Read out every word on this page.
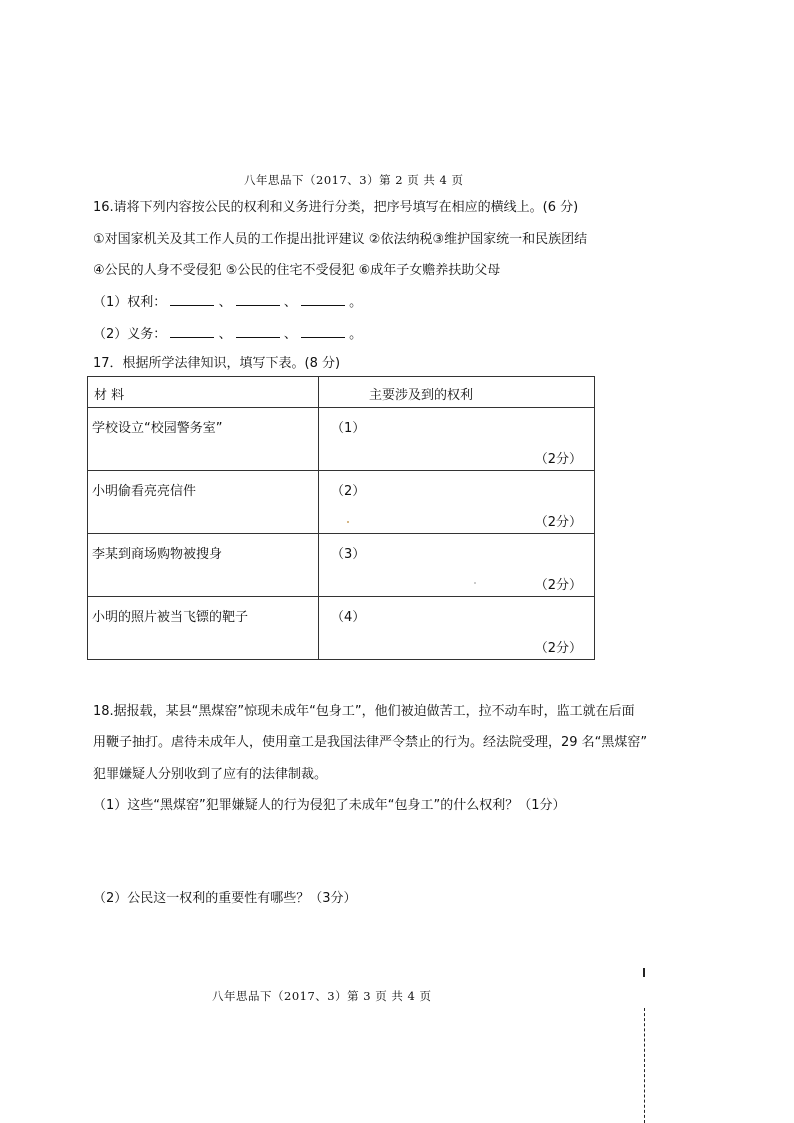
八年思品下（2017、3）第 2 页 共 4 页
16.请将下列内容按公民的权利和义务进行分类，把序号填写在相应的横线上。(6 分)
①对国家机关及其工作人员的工作提出批评建议 ②依法纳税③维护国家统一和民族团结
④公民的人身不受侵犯 ⑤公民的住宅不受侵犯 ⑥成年子女赡养扶助父母
（1）权利：	、	、	。
（2）义务：	、	、	。
17．根据所学法律知识，填写下表。(8 分)
材 料	主要涉及到的权利

学校设立“校园警务室”	（1）
（2分）

小明偷看亮亮信件	（2）
（2分）

李某到商场购物被搜身	（3）
（2分）

小明的照片被当飞镖的靶子	（4）
（2分）
18.据报载，某县“黑煤窑”惊现未成年“包身工”，他们被迫做苦工，拉不动车时，监工就在后面
用鞭子抽打。虐待未成年人，使用童工是我国法律严令禁止的行为。经法院受理，29 名“黑煤窑”
犯罪嫌疑人分别收到了应有的法律制裁。
（1）这些“黑煤窑”犯罪嫌疑人的行为侵犯了未成年“包身工”的什么权利？（1分）
（2）公民这一权利的重要性有哪些？（3分）
八年思品下（2017、3）第 3 页 共 4 页
